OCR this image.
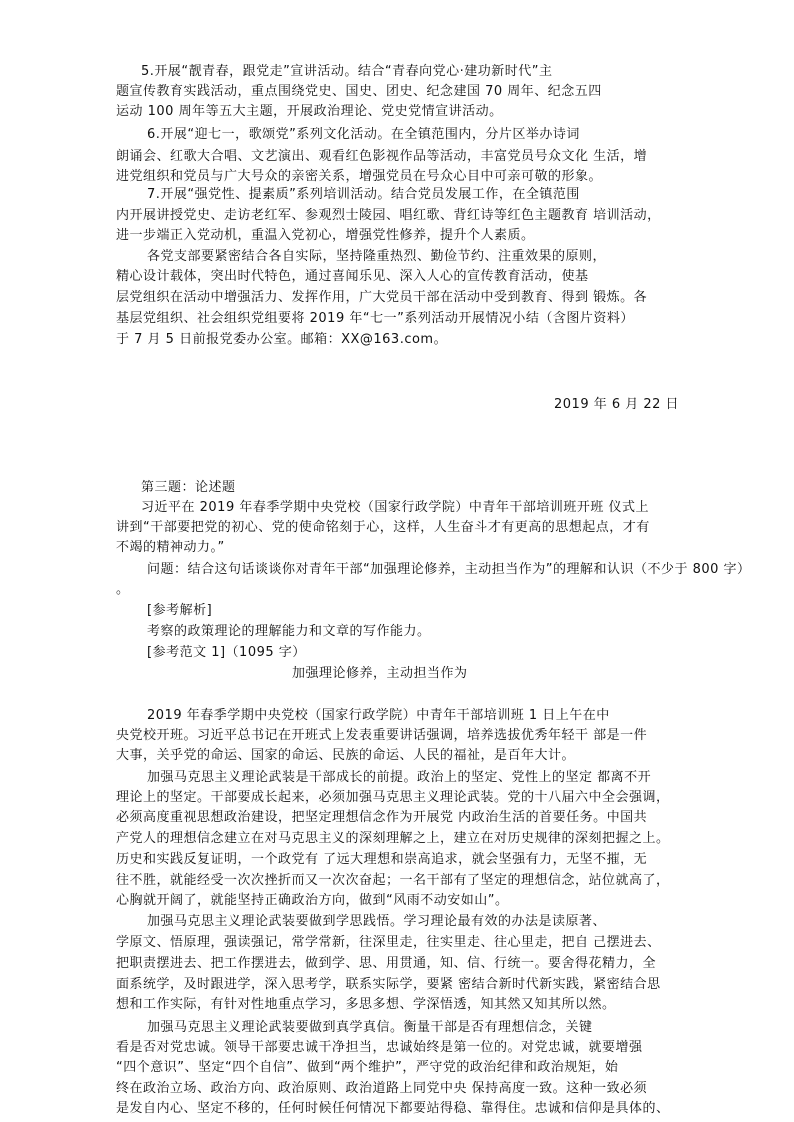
5.开展“靓青春，跟党走”宣讲活动。结合“青春向党心·建功新时代”主
题宣传教育实践活动，重点围绕党史、国史、团史、纪念建国 70 周年、纪念五四
运动 100 周年等五大主题，开展政治理论、党史党情宣讲活动。
6.开展“迎七一，歌颂党”系列文化活动。在全镇范围内，分片区举办诗词
朗诵会、红歌大合唱、文艺演出、观看红色影视作品等活动，丰富党员号众文化 生活，增
进党组织和党员与广大号众的亲密关系，增强党员在号众心目中可亲可敬的形象。
7.开展“强党性、提素质”系列培训活动。结合党员发展工作，在全镇范围
内开展讲授党史、走访老红军、参观烈士陵园、唱红歌、背红诗等红色主题教育 培训活动，
进一步端正入党动机，重温入党初心，增强党性修养，提升个人素质。
各党支部要紧密结合各自实际，坚持隆重热烈、勤俭节约、注重效果的原则，
精心设计载体，突出时代特色，通过喜闻乐见、深入人心的宣传教育活动，使基
层党组织在活动中增强活力、发挥作用，广大党员干部在活动中受到教育、得到 锻炼。各
基层党组织、社会组织党组要将 2019 年“七一”系列活动开展情况小结（含图片资料）
于 7 月 5 日前报党委办公室。邮箱：XX@163.com。
2019 年 6 月 22 日
第三题：论述题
习近平在 2019 年春季学期中央党校（国家行政学院）中青年干部培训班开班 仪式上
讲到“干部要把党的初心、党的使命铭刻于心，这样，人生奋斗才有更高的思想起点，才有
不竭的精神动力。”
问题：结合这句话谈谈你对青年干部“加强理论修养，主动担当作为”的理解和认识（不少于 800 字）
。
[参考解析]
考察的政策理论的理解能力和文章的写作能力。
[参考范文 1]（1095 字）
加强理论修养，主动担当作为
2019 年春季学期中央党校（国家行政学院）中青年干部培训班 1 日上午在中
央党校开班。习近平总书记在开班式上发表重要讲话强调，培养选拔优秀年轻干 部是一件
大事，关乎党的命运、国家的命运、民族的命运、人民的福祉，是百年大计。
加强马克思主义理论武装是干部成长的前提。政治上的坚定、党性上的坚定 都离不开
理论上的坚定。干部要成长起来，必须加强马克思主义理论武装。党的十八届六中全会强调，
必须高度重视思想政治建设，把坚定理想信念作为开展党 内政治生活的首要任务。中国共
产党人的理想信念建立在对马克思主义的深刻理解之上，建立在对历史规律的深刻把握之上。
历史和实践反复证明，一个政党有 了远大理想和崇高追求，就会坚强有力，无坚不摧，无
往不胜，就能经受一次次挫折而又一次次奋起；一名干部有了坚定的理想信念，站位就高了，
心胸就开阔了，就能坚持正确政治方向，做到“风雨不动安如山”。
加强马克思主义理论武装要做到学思践悟。学习理论最有效的办法是读原著、
学原文、悟原理，强读强记，常学常新，往深里走，往实里走、往心里走，把自 己摆进去、
把职责摆进去、把工作摆进去，做到学、思、用贯通，知、信、行统一。要舍得花精力，全
面系统学，及时跟进学，深入思考学，联系实际学，要紧 密结合新时代新实践，紧密结合思
想和工作实际，有针对性地重点学习，多思多想、学深悟透，知其然又知其所以然。
加强马克思主义理论武装要做到真学真信。衡量干部是否有理想信念，关键
看是否对党忠诚。领导干部要忠诚干净担当，忠诚始终是第一位的。对党忠诚，就要增强
“四个意识”、坚定“四个自信”、做到“两个维护”，严守党的政治纪律和政治规矩，始
终在政治立场、政治方向、政治原则、政治道路上同党中央 保持高度一致。这种一致必须
是发自内心、坚定不移的，任何时候任何情况下都要站得稳、靠得住。忠诚和信仰是具体的、
